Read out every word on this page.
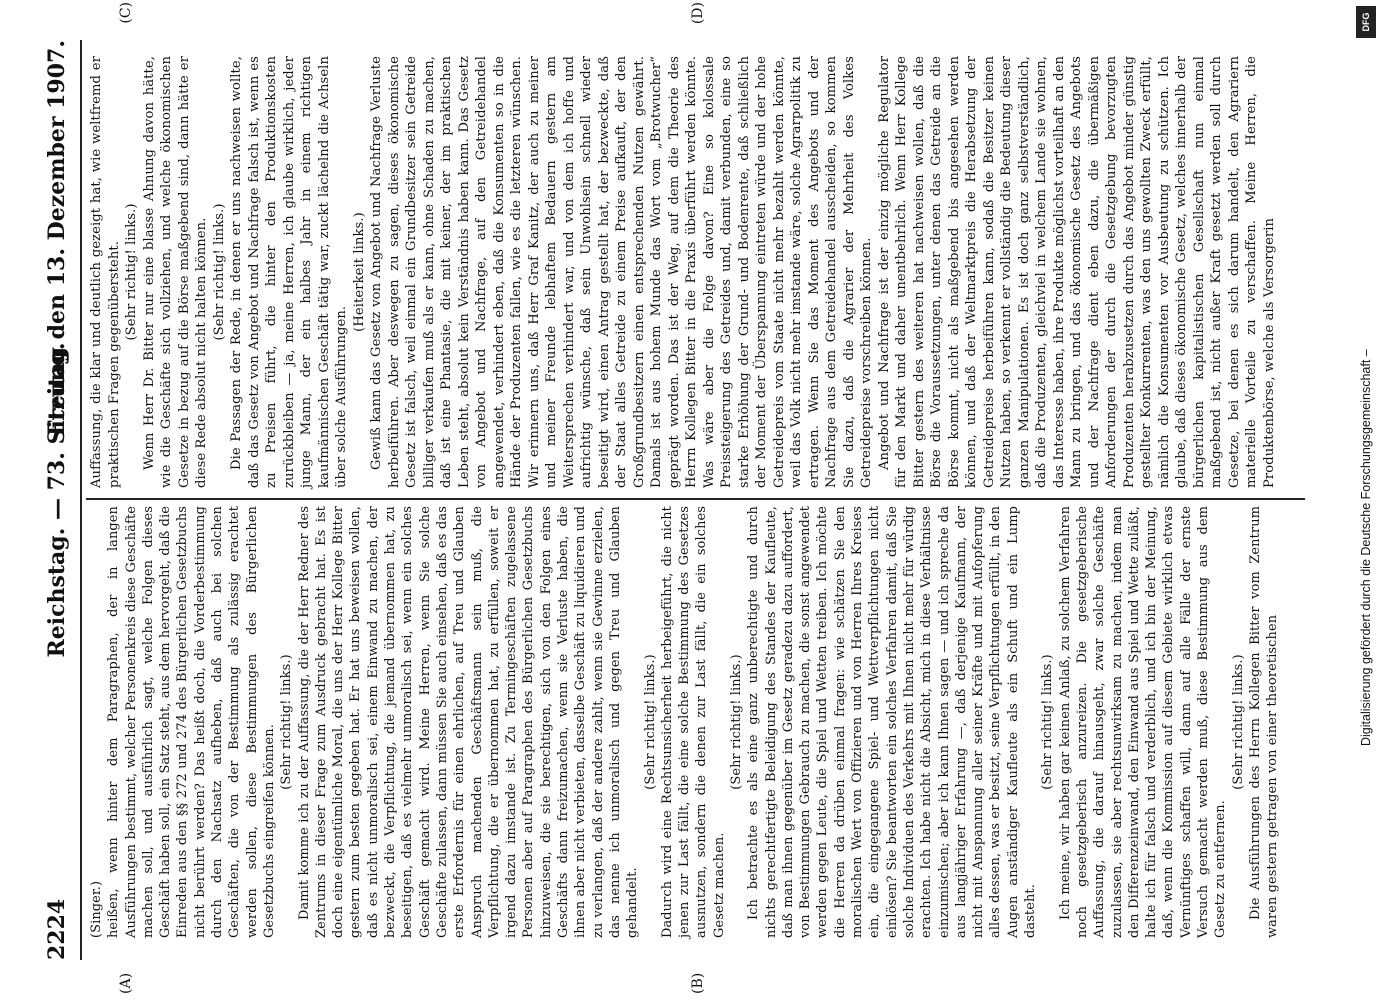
2224
Reichstag. — 73. Sitzung.
Freitag den 13. Dezember 1907.
(A)	(B)
(C)	(D)

(Singer.) heißen, wenn hinter dem Paragraphen, der in langen Ausführungen bestimmt, welcher Personenkreis diese Geschäfte machen soll, und ausführlich sagt, welche Folgen dieses Geschäft haben soll, ein Satz steht, aus dem hervorgeht, daß die Einreden aus den §§ 272 und 274 des Bürgerlichen Gesetzbuchs nicht berührt werden? Das heißt doch, die Vorderbestimmung durch den Nachsatz aufheben, daß auch bei solchen Geschäften, die von der Bestimmung als zulässig erachtet werden sollen, diese Bestimmungen des Bürgerlichen Gesetzbuchs eingreifen können.

(Sehr richtig! links.) Damit komme ich zu der Auffassung, die der Herr Redner des Zentrums in dieser Frage zum Ausdruck gebracht hat. Es ist doch eine eigentümliche Moral, die uns der Herr Kollege Bitter gestern zum besten gegeben hat. Er hat uns beweisen wollen, daß es nicht unmoralisch sei, einem Einwand zu machen, der bezweckt, die Verpflichtung, die jemand übernommen hat, zu beseitigen, daß es vielmehr unmoralisch sei, wenn ein solches Geschäft gemacht wird. Meine Herren, wenn Sie solche Geschäfte zulassen, dann müssen Sie auch einsehen, daß es das erste Erfordernis für einen ehrlichen, auf Treu und Glauben Anspruch machenden Geschäftsmann sein muß, die Verpflichtung, die er übernommen hat, zu erfüllen, soweit er irgend dazu imstande ist. Zu Termingeschäften zugelassene Personen aber auf Paragraphen des Bürgerlichen Gesetzbuchs hinzuweisen, die sie berechtigen, sich von den Folgen eines Geschäfts dann freizumachen, wenn sie Verluste haben, die ihnen aber nicht verbieten, dasselbe Geschäft zu liquidieren und zu verlangen, daß der andere zahlt, wenn sie Gewinne erzielen, das nenne ich unmoralisch und gegen Treu und Glauben gehandelt.

(Sehr richtig! links.) Dadurch wird eine Rechtsunsicherheit herbeigeführt, die nicht jenen zur Last fällt, die eine solche Bestimmung des Gesetzes ausnutzen, sondern die denen zur Last fällt, die ein solches Gesetz machen.

(Sehr richtig! links.) Ich betrachte es als eine ganz unberechtigte und durch nichts gerechtfertigte Beleidigung des Standes der Kaufleute, daß man ihnen gegenüber im Gesetz geradezu dazu auffordert, von Bestimmungen Gebrauch zu machen, die sonst angewendet werden gegen Leute, die Spiel und Wetten treiben. Ich möchte die Herren da drüben einmal fragen: wie schätzen Sie den moralischen Wert von Offizieren und von Herren Ihres Kreises ein, die eingegangene Spiel- und Wettverpflichtungen nicht einlösen? Sie beantworten ein solches Verfahren damit, daß Sie solche Individuen des Verkehrs mit Ihnen nicht mehr für würdig erachten. Ich habe nicht die Absicht, mich in diese Verhältnisse einzumischen; aber ich kann Ihnen sagen — und ich spreche da aus langjähriger Erfahrung —, daß derjenige Kaufmann, der nicht mit Anspannung aller seiner Kräfte und mit Aufopferung alles dessen, was er besitzt, seine Verpflichtungen erfüllt, in den Augen anständiger Kaufleute als ein Schuft und ein Lump dasteht.

(Sehr richtig! links.) Ich meine, wir haben gar keinen Anlaß, zu solchem Verfahren noch gesetzgeberisch anzureizen. Die gesetzgeberische Auffassung, die darauf hinausgeht, zwar solche Geschäfte zuzulassen, sie aber rechtsunwirksam zu machen, indem man den Differenzeinwand, den Einwand aus Spiel und Wette zuläßt, halte ich für falsch und verderblich, und ich bin der Meinung, daß, wenn die Kommission auf diesem Gebiete wirklich etwas Vernünftiges schaffen will, dann auf alle Fälle der ernste Versuch gemacht werden muß, diese Bestimmung aus dem Gesetz zu entfernen.

(Sehr richtig! links.) Die Ausführungen des Herrn Kollegen Bitter vom Zentrum waren gestern getragen von einer theoretischen

Auffassung, die klar und deutlich gezeigt hat, wie weltfremd er praktischen Fragen gegenübersteht. (Sehr richtig! links.) Wenn Herr Dr. Bitter nur eine blasse Ahnung davon hätte, wie die Geschäfte sich vollziehen, und welche ökonomischen Gesetze in bezug auf die Börse maßgebend sind, dann hätte er diese Rede absolut nicht halten können. (Sehr richtig! links.) Die Passagen der Rede, in denen er uns nachweisen wollte, daß das Gesetz von Angebot und Nachfrage falsch ist, wenn es zu Preisen führt, die hinter den Produktionskosten zurückbleiben — ja, meine Herren, ich glaube wirklich, jeder junge Mann, der ein halbes Jahr in einem richtigen kaufmännischen Geschäft tätig war, zuckt lächelnd die Achseln über solche Ausführungen.

(Heiterkeit links.) Gewiß kann das Gesetz von Angebot und Nachfrage Verluste herbeiführen. Aber deswegen zu sagen, dieses ökonomische Gesetz ist falsch, weil einmal ein Grundbesitzer sein Getreide billiger verkaufen muß als er kann, ohne Schaden zu machen, daß ist eine Phantasie, die mit keiner, der im praktischen Leben steht, absolut kein Verständnis haben kann. Das Gesetz von Angebot und Nachfrage, auf den Getreidehandel angewendet, verhindert eben, daß die Konsumenten so in die Hände der Produzenten fallen, wie es die letzteren wünschen. Wir erinnern uns, daß Herr Graf Kanitz, der auch zu meiner und meiner Freunde lebhaftem Bedauern gestern am Weitersprechen verhindert war, und von dem ich hoffe und aufrichtig wünsche, daß sein Unwohlsein schnell wieder beseitigt wird, einen Antrag gestellt hat, der bezweckte, daß der Staat alles Getreide zu einem Preise aufkauft, der den Großgrundbesitzern einen entsprechenden Nutzen gewährt. Damals ist aus hohem Munde das Wort vom „Brotwucher“ geprägt worden. Das ist der Weg, auf dem die Theorie des Herrn Kollegen Bitter in die Praxis überführt werden könnte. Was wäre aber die Folge davon? Eine so kolossale Preissteigerung des Getreides und, damit verbunden, eine so starke Erhöhung der Grund- und Bodenrente, daß schließlich der Moment der Überspannung eintreten würde und der hohe Getreidepreis vom Staate nicht mehr bezahlt werden könnte, weil das Volk nicht mehr imstande wäre, solche Agrarpolitik zu ertragen. Wenn Sie das Moment des Angebots und der Nachfrage aus dem Getreidehandel ausscheiden, so kommen Sie dazu, daß die Agrarier der Mehrheit des Volkes Getreidepreise vorschreiben können. Angebot und Nachfrage ist der einzig mögliche Regulator für den Markt und daher unentbehrlich. Wenn Herr Kollege Bitter gestern des weiteren hat nachweisen wollen, daß die Börse die Voraussetzungen, unter denen das Getreide an die Börse kommt, nicht als maßgebend bis angesehen werden können, und daß der Weltmarktpreis die Herabsetzung der Getreidepreise herbeiführen kann, sodaß die Besitzer keinen Nutzen haben, so verkennt er vollständig die Bedeutung dieser ganzen Manipulationen. Es ist doch ganz selbstverständlich, daß die Produzenten, gleichviel in welchem Lande sie wohnen, das Interesse haben, ihre Produkte möglichst vorteilhaft an den Mann zu bringen, und das ökonomische Gesetz des Angebots und der Nachfrage dient eben dazu, die übermäßigen Anforderungen der durch die Gesetzgebung bevorzugten Produzenten herabzusetzen durch das Angebot minder günstig gestellter Konkurrenten, was den uns gewollten Zweck erfüllt, nämlich die Konsumenten vor Ausbeutung zu schützen. Ich glaube, daß dieses ökonomische Gesetz, welches innerhalb der bürgerlichen kapitalistischen Gesellschaft nun einmal maßgebend ist, nicht außer Kraft gesetzt werden soll durch Gesetze, bei denen es sich darum handelt, den Agrariern materielle Vorteile zu verschaffen. Meine Herren, die Produktenbörse, welche als Versorgerin	Digitalisierung gefördert durch die Deutsche Forschungsgemeinschaft –
DFG
